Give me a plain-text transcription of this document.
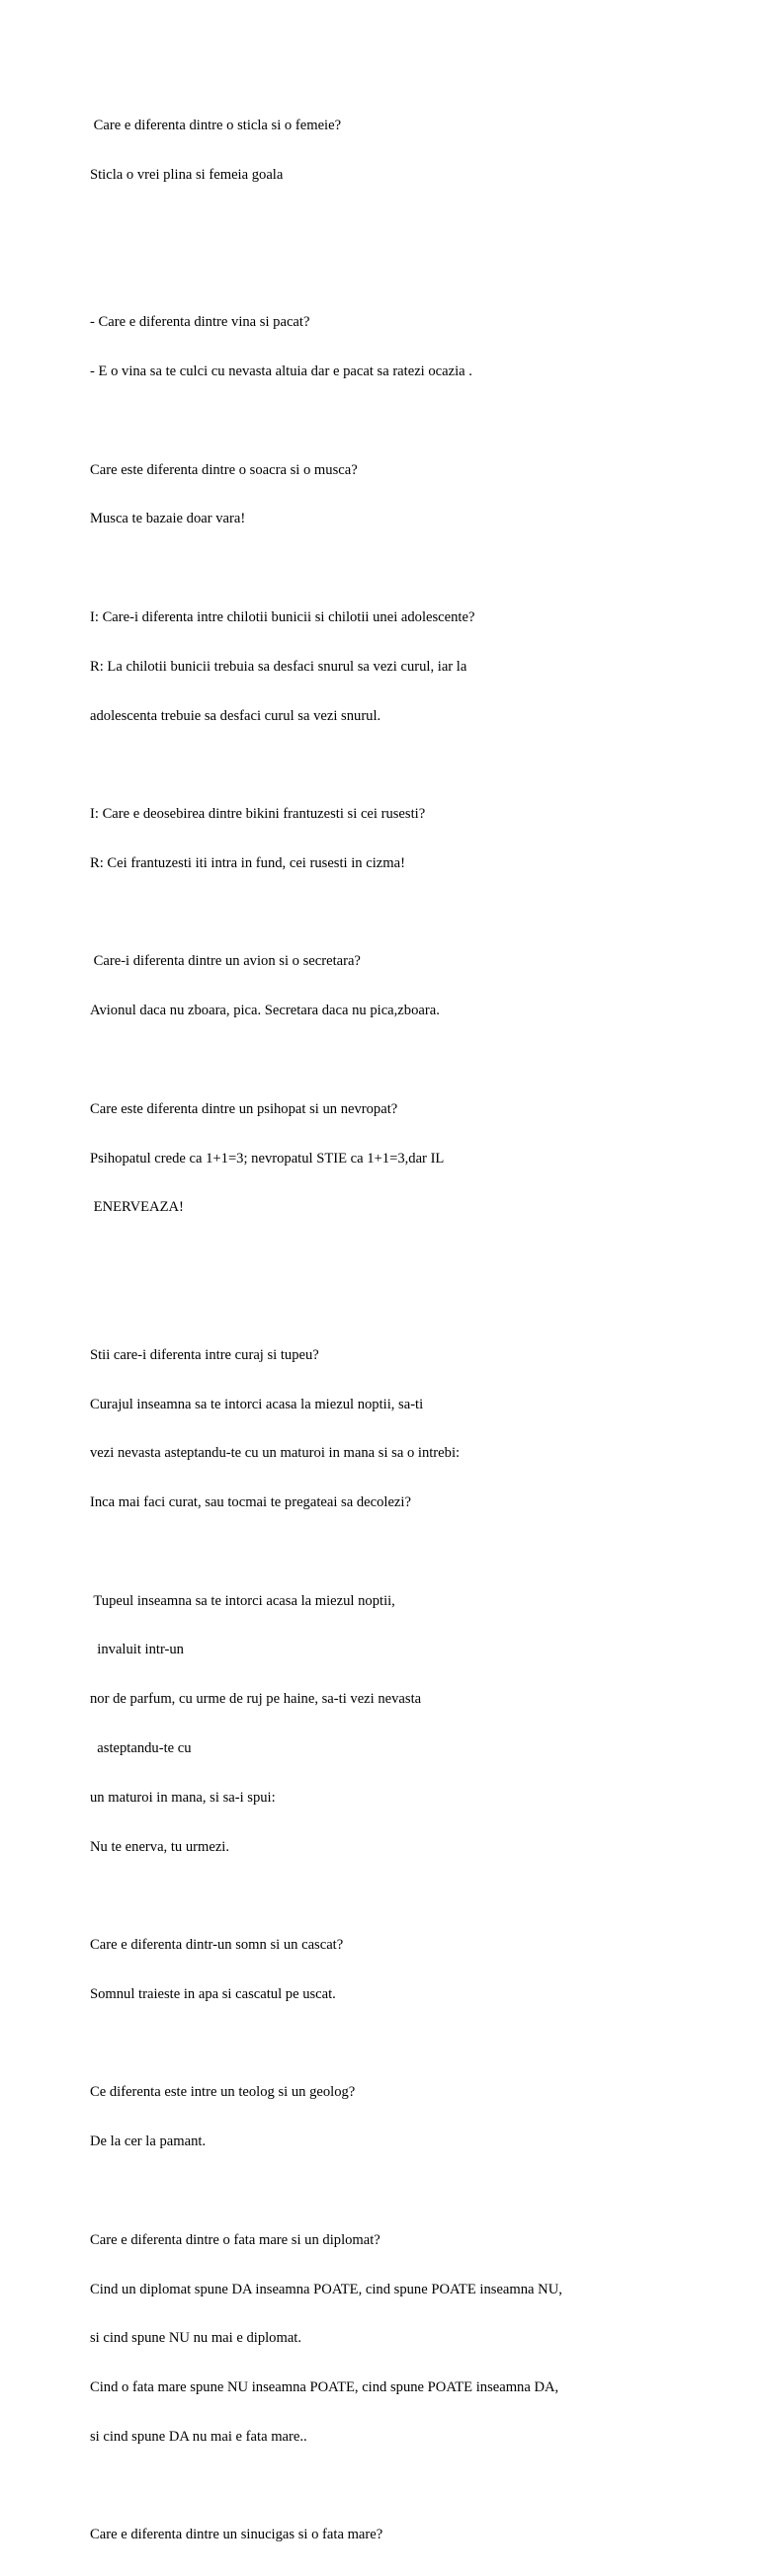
Care e diferenta dintre o sticla si o femeie?

Sticla o vrei plina si femeia goala

- Care e diferenta dintre vina si pacat?

- E o vina sa te culci cu nevasta altuia dar e pacat sa ratezi ocazia .

Care este diferenta dintre o soacra si o musca?

Musca te bazaie doar vara!

I: Care-i diferenta intre chilotii bunicii si chilotii unei adolescente?

R: La chilotii bunicii trebuia sa desfaci snurul sa vezi curul, iar la

adolescenta trebuie sa desfaci curul sa vezi snurul.

I: Care e deosebirea dintre bikini frantuzesti si cei rusesti?

R: Cei frantuzesti iti intra in fund, cei rusesti in cizma!

Care-i diferenta dintre un avion si o secretara?

Avionul daca nu zboara, pica. Secretara daca nu pica,zboara.

Care este diferenta dintre un psihopat si un nevropat?

Psihopatul crede ca 1+1=3; nevropatul STIE ca 1+1=3,dar IL

ENERVEAZA!

Stii care-i diferenta intre curaj si tupeu?

Curajul inseamna sa te intorci acasa la miezul noptii, sa-ti

vezi nevasta asteptandu-te cu un maturoi in mana si sa o intrebi:

Inca mai faci curat, sau tocmai te pregateai sa decolezi?

Tupeul inseamna sa te intorci acasa la miezul noptii,

invaluit intr-un

nor de parfum, cu urme de ruj pe haine, sa-ti vezi nevasta

asteptandu-te cu

un maturoi in mana, si sa-i spui:

Nu te enerva, tu urmezi.

Care e diferenta dintr-un somn si un cascat?

Somnul traieste in apa si cascatul pe uscat.

Ce diferenta este intre un teolog si un geolog?

De la cer la pamant.

Care e diferenta dintre o fata mare si un diplomat?

Cind un diplomat spune DA inseamna POATE, cind spune POATE inseamna NU,

si cind spune NU nu mai e diplomat.

Cind o fata mare spune NU inseamna POATE, cind spune POATE inseamna DA,

si cind spune DA nu mai e fata mare..

Care e diferenta dintre un sinucigas si o fata mare?
